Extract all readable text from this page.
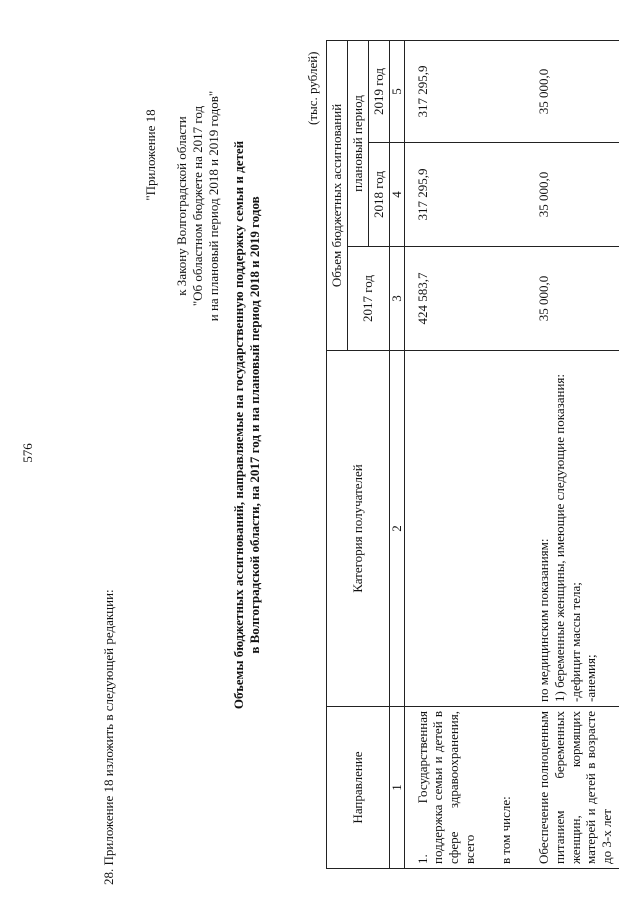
576
28. Приложение 18 изложить в следующей редакции:
"Приложение 18 к Закону Волгоградской области "Об областном бюджете на 2017 год и на плановый период 2018 и 2019 годов" Объемы бюджетных ассигнований, направляемые на государственную поддержку семьи и детей в Волгоградской области, на 2017 год и на плановый период 2018 и 2019 годов
(тыс. рублей)
Направление	Категория получателей	Объем бюджетных ассигнований		
		2017 год	плановый период	
			2018 год	2019 год
1	2	3	4	5
1. Государственная поддержка семьи и детей в сфере здравоохранения, всего		424 583,7	317 295,9	317 295,9
в том числе:				
Обеспечение полноценным питанием беременных женщин, кормящих матерей и детей в возрасте до 3-х лет	по медицинским показаниям: 1) беременные женщины, имеющие следующие показания: -дефицит массы тела; -анемия;	35 000,0	35 000,0	35 000,0
